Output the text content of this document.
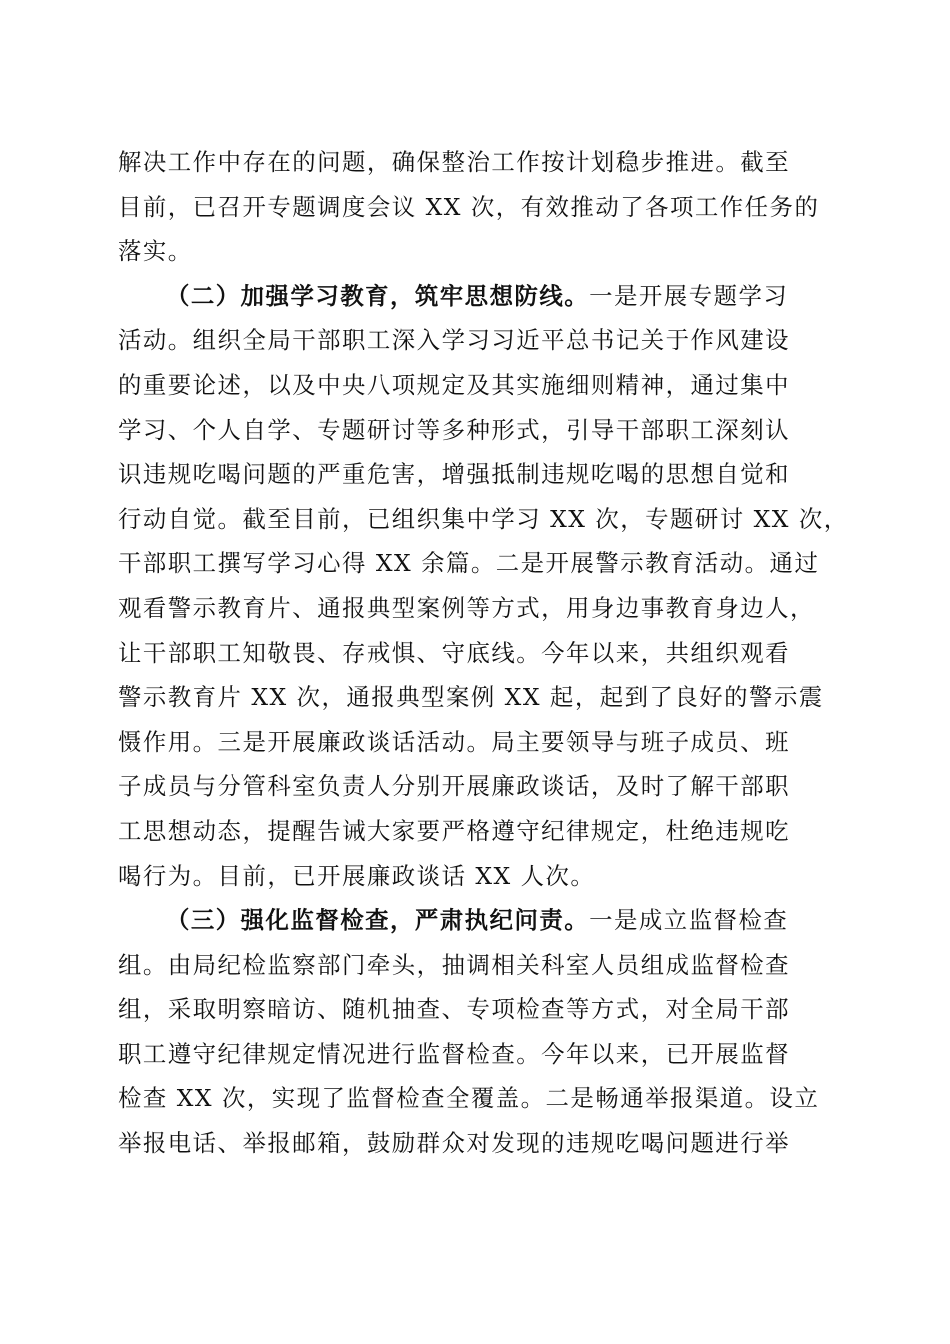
解决工作中存在的问题，确保整治工作按计划稳步推进。截至
目前，已召开专题调度会议 XX 次，有效推动了各项工作任务的
落实。
（二）加强学习教育，筑牢思想防线。一是开展专题学习
活动。组织全局干部职工深入学习习近平总书记关于作风建设
的重要论述，以及中央八项规定及其实施细则精神，通过集中
学习、个人自学、专题研讨等多种形式，引导干部职工深刻认
识违规吃喝问题的严重危害，增强抵制违规吃喝的思想自觉和
行动自觉。截至目前，已组织集中学习 XX 次，专题研讨 XX 次，
干部职工撰写学习心得 XX 余篇。二是开展警示教育活动。通过
观看警示教育片、通报典型案例等方式，用身边事教育身边人，
让干部职工知敬畏、存戒惧、守底线。今年以来，共组织观看
警示教育片 XX 次，通报典型案例 XX 起，起到了良好的警示震
慑作用。三是开展廉政谈话活动。局主要领导与班子成员、班
子成员与分管科室负责人分别开展廉政谈话，及时了解干部职
工思想动态，提醒告诫大家要严格遵守纪律规定，杜绝违规吃
喝行为。目前，已开展廉政谈话 XX 人次。
（三）强化监督检查，严肃执纪问责。一是成立监督检查
组。由局纪检监察部门牵头，抽调相关科室人员组成监督检查
组，采取明察暗访、随机抽查、专项检查等方式，对全局干部
职工遵守纪律规定情况进行监督检查。今年以来，已开展监督
检查 XX 次，实现了监督检查全覆盖。二是畅通举报渠道。设立
举报电话、举报邮箱，鼓励群众对发现的违规吃喝问题进行举
